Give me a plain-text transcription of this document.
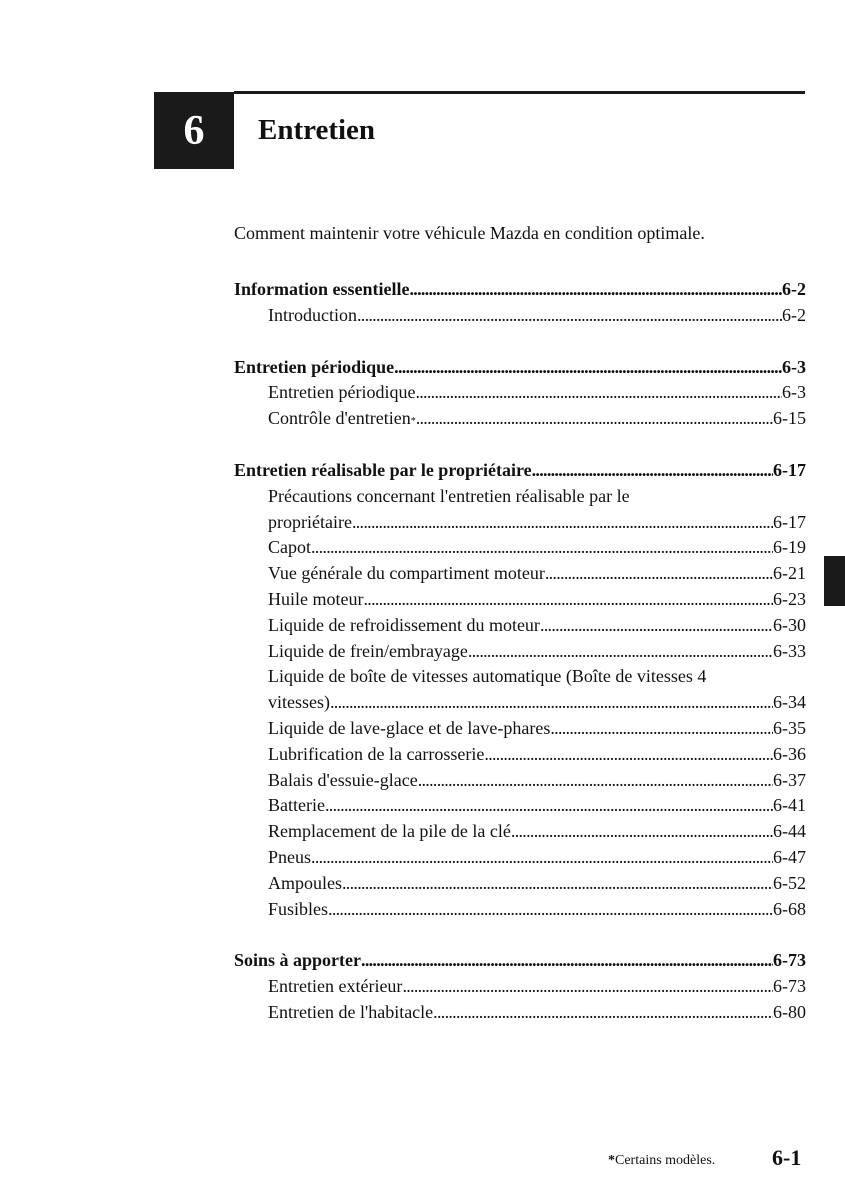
6 Entretien
Comment maintenir votre véhicule Mazda en condition optimale.
Information essentielle . . .	6-2
Introduction . . .	6-2
Entretien périodique . . .	6-3
Entretien périodique . . .	6-3
Contrôle d'entretien * . . .	6-15
Entretien réalisable par le propriétaire . . .	6-17
Précautions concernant l'entretien réalisable par le
propriétaire . . .	6-17
Capot . . .	6-19
Vue générale du compartiment moteur . . .	6-21
Huile moteur . . .	6-23
Liquide de refroidissement du moteur . . .	6-30
Liquide de frein/embrayage . . .	6-33
Liquide de boîte de vitesses automatique (Boîte de vitesses 4
vitesses) . . .	6-34
Liquide de lave-glace et de lave-phares . . .	6-35
Lubrification de la carrosserie . . .	6-36
Balais d'essuie-glace . . .	6-37
Batterie . . .	6-41
Remplacement de la pile de la clé . . .	6-44
Pneus . . .	6-47
Ampoules . . .	6-52
Fusibles . . .	6-68
Soins à apporter . . .	6-73
Entretien extérieur . . .	6-73
Entretien de l'habitacle . . .	6-80
*Certains modèles.	6-1
